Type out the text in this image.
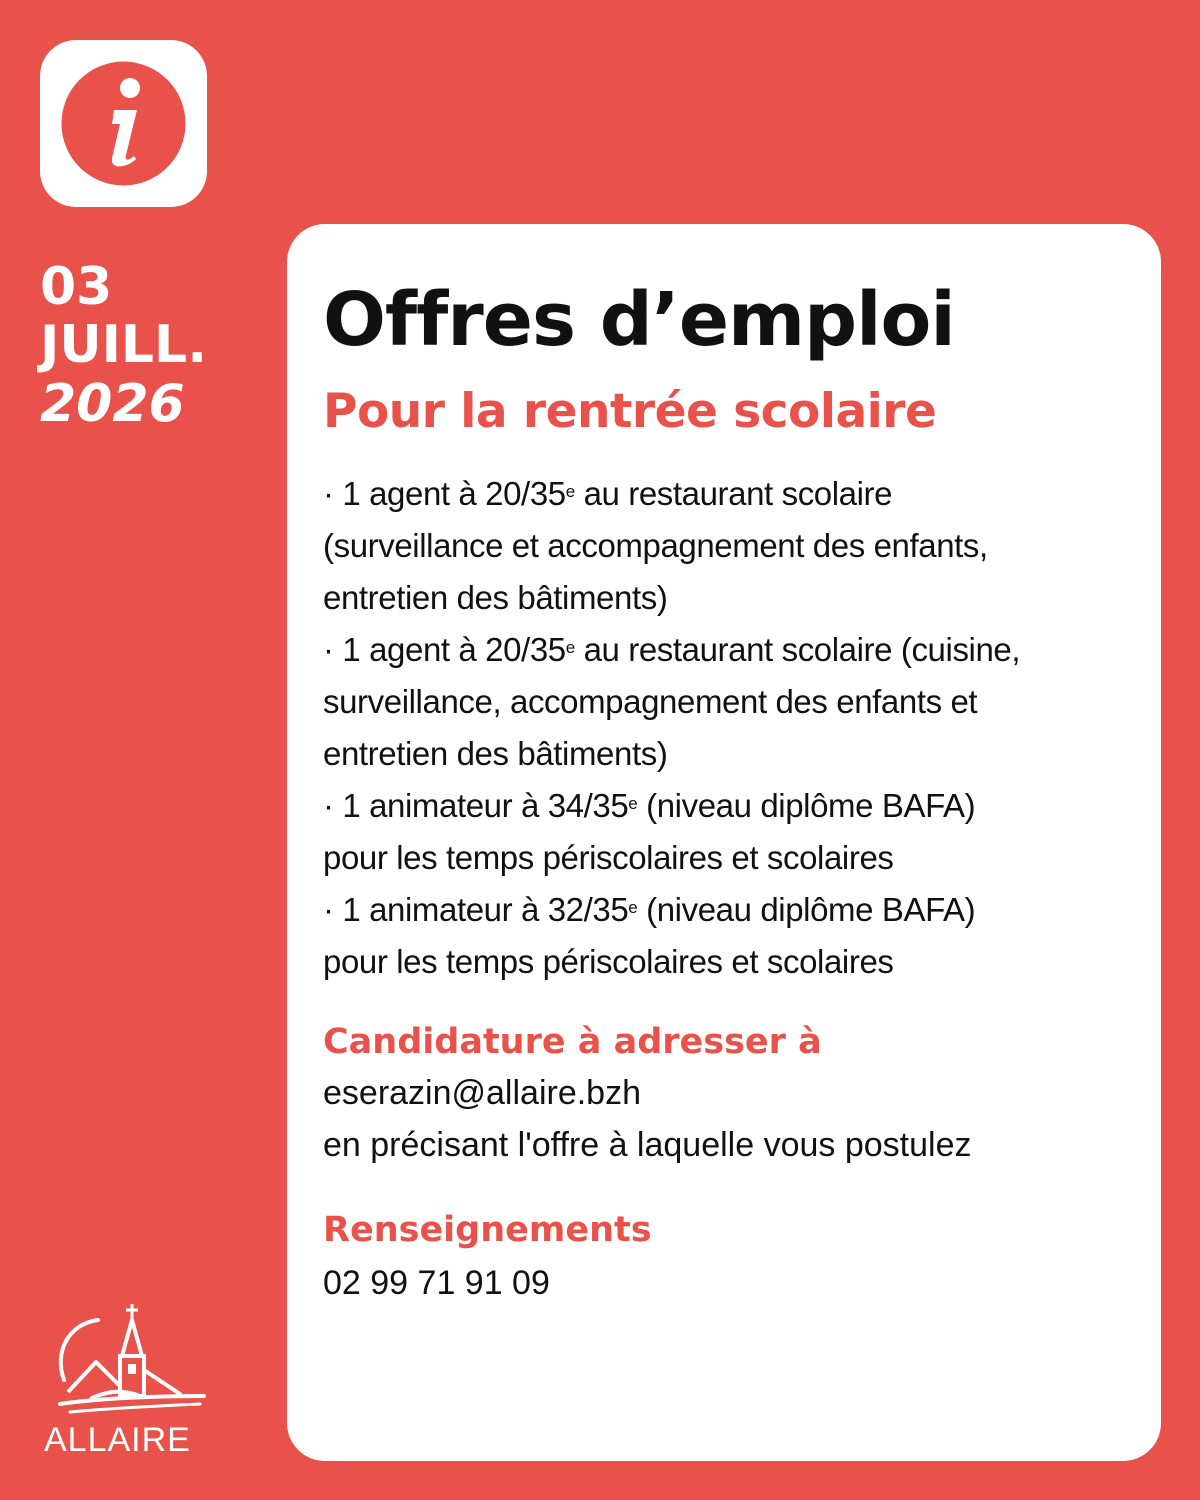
03
JUILL.
2026
Offres d’emploi
Pour la rentrée scolaire
· 1 agent à 20/35e au restaurant scolaire
(surveillance et accompagnement des enfants,
entretien des bâtiments)
· 1 agent à 20/35e au restaurant scolaire (cuisine,
surveillance, accompagnement des enfants et
entretien des bâtiments)
· 1 animateur à 34/35e (niveau diplôme BAFA)
pour les temps périscolaires et scolaires
· 1 animateur à 32/35e (niveau diplôme BAFA)
pour les temps périscolaires et scolaires
Candidature à adresser à
eserazin@allaire.bzh
en précisant l'offre à laquelle vous postulez
Renseignements
02 99 71 91 09
ALLAIRE
